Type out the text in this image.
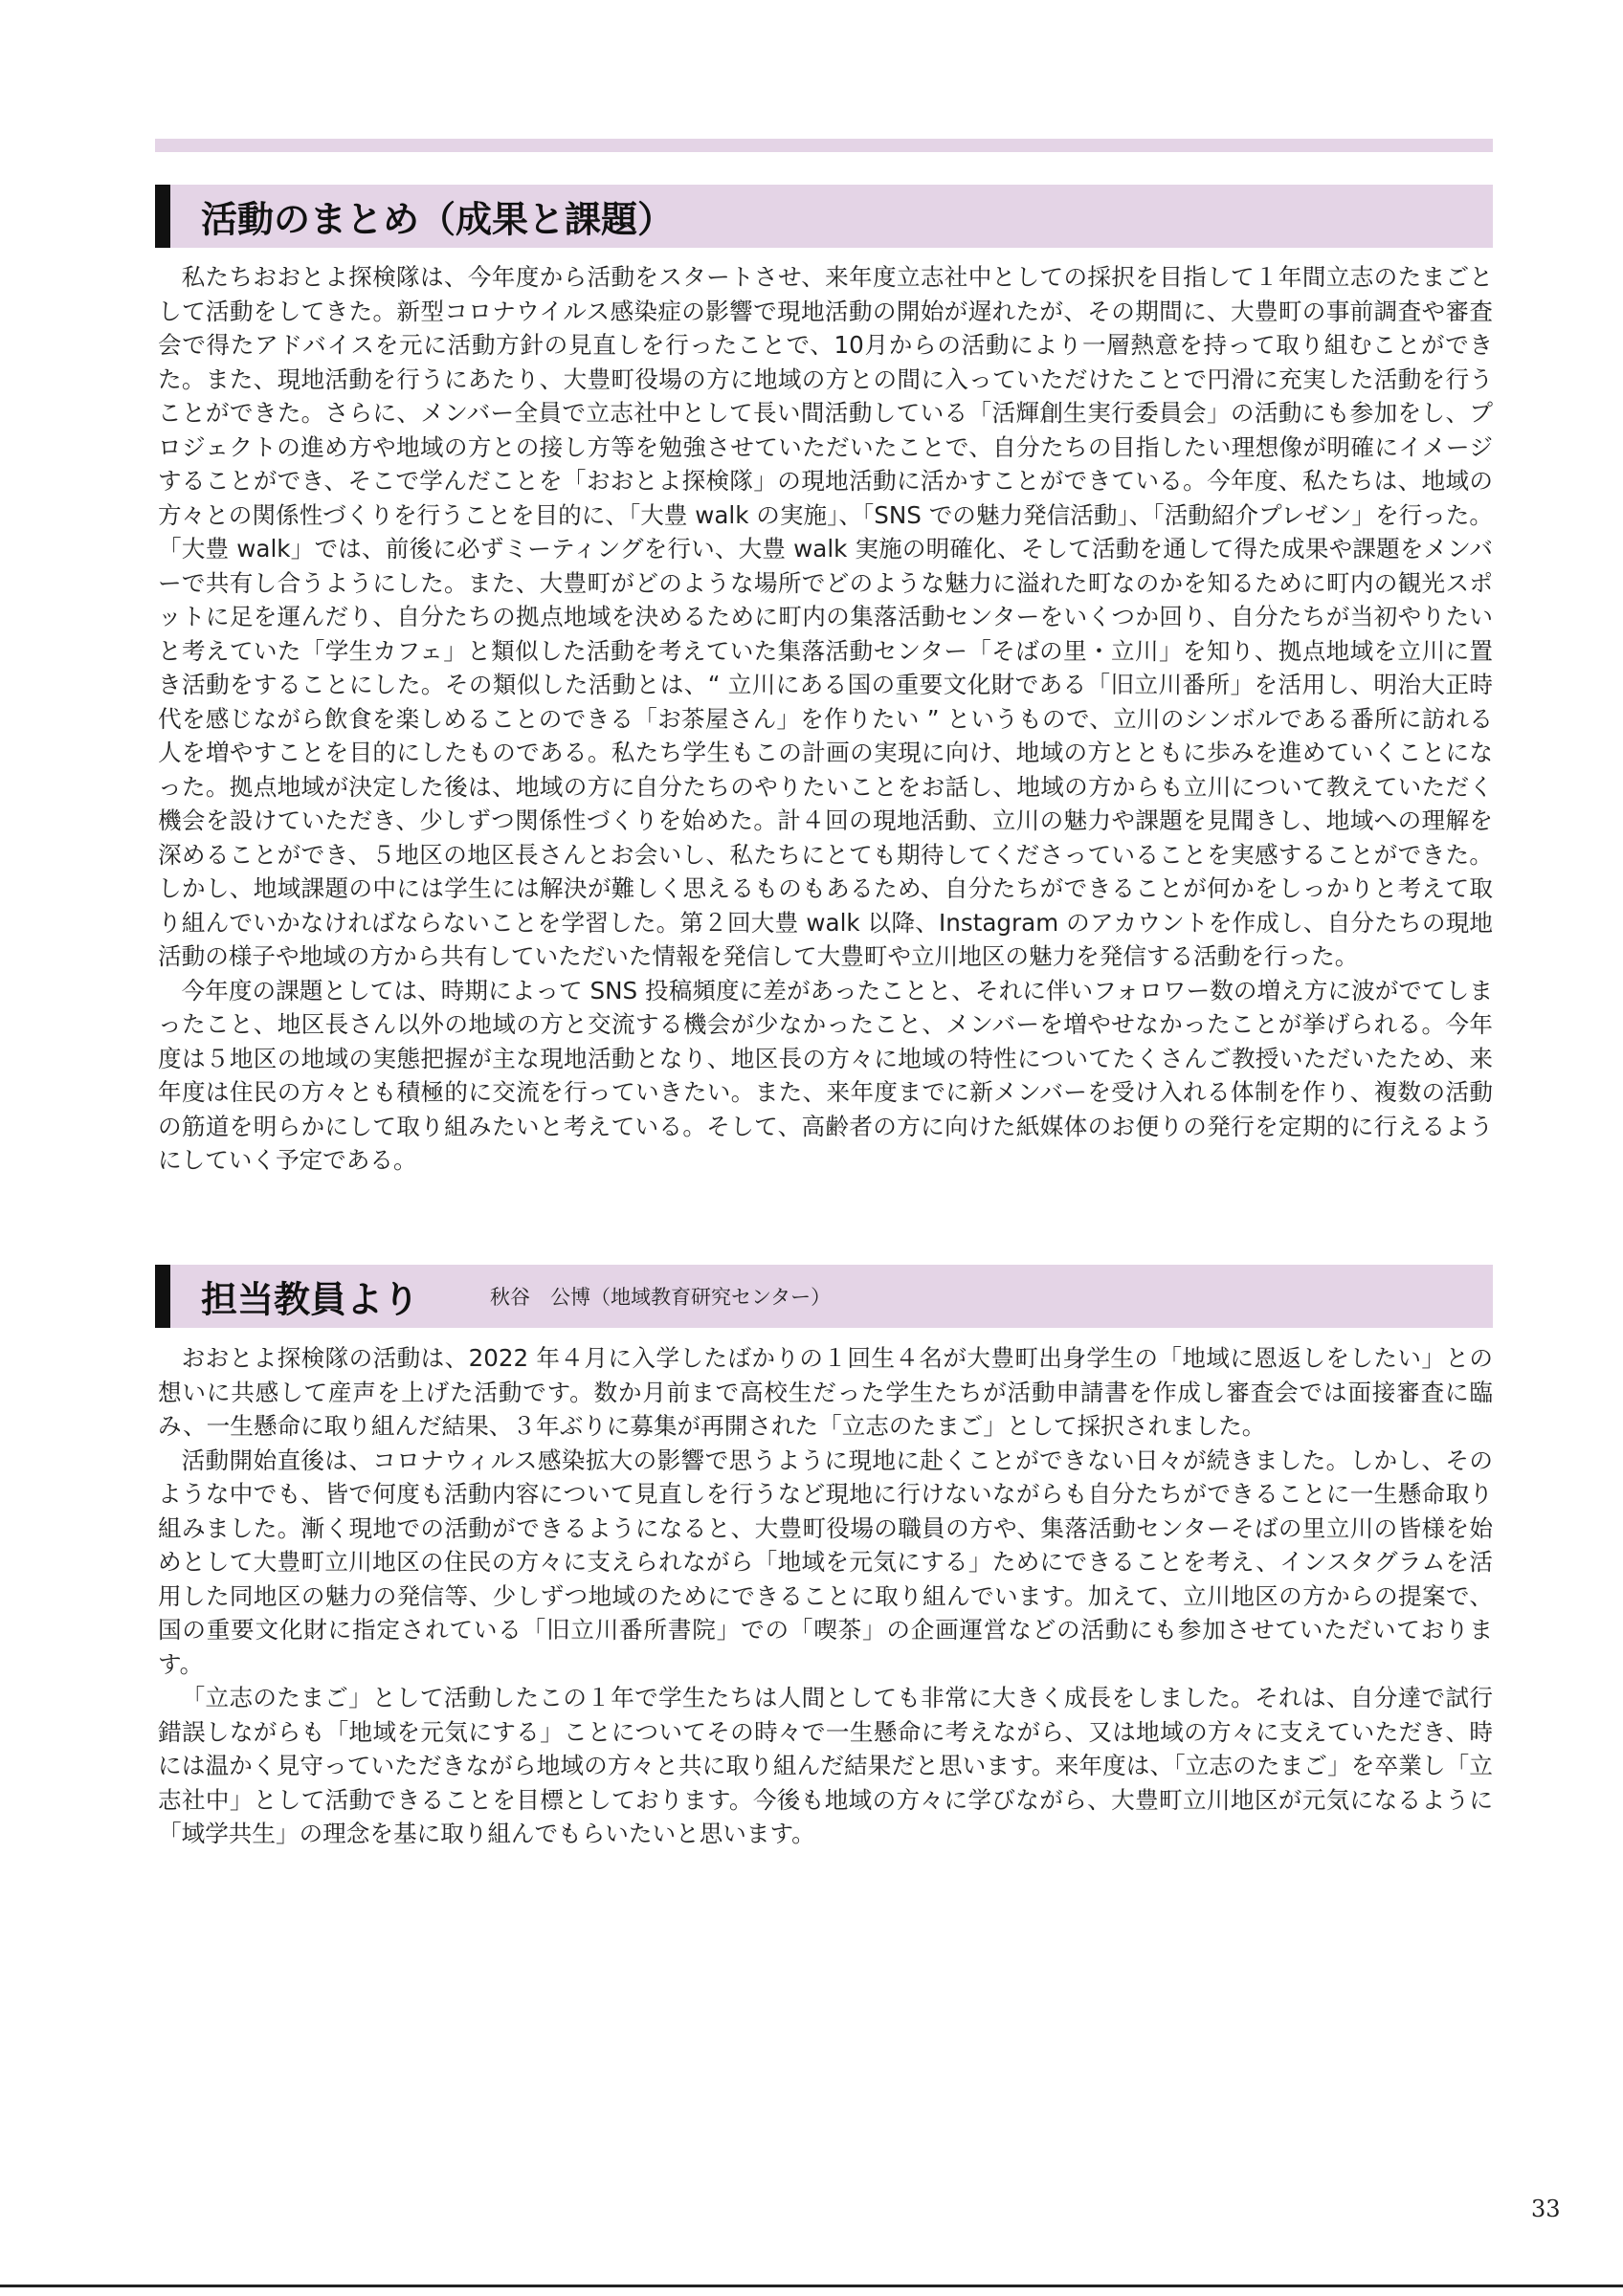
活動のまとめ（成果と課題）

私たちおおとよ探検隊は、今年度から活動をスタートさせ、来年度立志社中としての採択を目指して１年間立志のたまごとして活動をしてきた。新型コロナウイルス感染症の影響で現地活動の開始が遅れたが、その期間に、大豊町の事前調査や審査会で得たアドバイスを元に活動方針の見直しを行ったことで、10月からの活動により一層熱意を持って取り組むことができた。また、現地活動を行うにあたり、大豊町役場の方に地域の方との間に入っていただけたことで円滑に充実した活動を行うことができた。さらに、メンバー全員で立志社中として長い間活動している「活輝創生実行委員会」の活動にも参加をし、プロジェクトの進め方や地域の方との接し方等を勉強させていただいたことで、自分たちの目指したい理想像が明確にイメージすることができ、そこで学んだことを「おおとよ探検隊」の現地活動に活かすことができている。今年度、私たちは、地域の方々との関係性づくりを行うことを目的に、「大豊 walk の実施」、「SNS での魅力発信活動」、「活動紹介プレゼン」を行った。「大豊 walk」では、前後に必ずミーティングを行い、大豊 walk 実施の明確化、そして活動を通して得た成果や課題をメンバーで共有し合うようにした。また、大豊町がどのような場所でどのような魅力に溢れた町なのかを知るために町内の観光スポットに足を運んだり、自分たちの拠点地域を決めるために町内の集落活動センターをいくつか回り、自分たちが当初やりたいと考えていた「学生カフェ」と類似した活動を考えていた集落活動センター「そばの里・立川」を知り、拠点地域を立川に置き活動をすることにした。その類似した活動とは、“ 立川にある国の重要文化財である「旧立川番所」を活用し、明治大正時代を感じながら飲食を楽しめることのできる「お茶屋さん」を作りたい ” というもので、立川のシンボルである番所に訪れる人を増やすことを目的にしたものである。私たち学生もこの計画の実現に向け、地域の方とともに歩みを進めていくことになった。拠点地域が決定した後は、地域の方に自分たちのやりたいことをお話し、地域の方からも立川について教えていただく機会を設けていただき、少しずつ関係性づくりを始めた。計４回の現地活動、立川の魅力や課題を見聞きし、地域への理解を深めることができ、５地区の地区長さんとお会いし、私たちにとても期待してくださっていることを実感することができた。しかし、地域課題の中には学生には解決が難しく思えるものもあるため、自分たちができることが何かをしっかりと考えて取り組んでいかなければならないことを学習した。第２回大豊 walk 以降、Instagram のアカウントを作成し、自分たちの現地活動の様子や地域の方から共有していただいた情報を発信して大豊町や立川地区の魅力を発信する活動を行った。

今年度の課題としては、時期によって SNS 投稿頻度に差があったことと、それに伴いフォロワー数の増え方に波がでてしまったこと、地区長さん以外の地域の方と交流する機会が少なかったこと、メンバーを増やせなかったことが挙げられる。今年度は５地区の地域の実態把握が主な現地活動となり、地区長の方々に地域の特性についてたくさんご教授いただいたため、来年度は住民の方々とも積極的に交流を行っていきたい。また、来年度までに新メンバーを受け入れる体制を作り、複数の活動の筋道を明らかにして取り組みたいと考えている。そして、高齢者の方に向けた紙媒体のお便りの発行を定期的に行えるようにしていく予定である。

担当教員より	秋谷　公博（地域教育研究センター）

おおとよ探検隊の活動は、2022 年４月に入学したばかりの１回生４名が大豊町出身学生の「地域に恩返しをしたい」との想いに共感して産声を上げた活動です。数か月前まで高校生だった学生たちが活動申請書を作成し審査会では面接審査に臨み、一生懸命に取り組んだ結果、３年ぶりに募集が再開された「立志のたまご」として採択されました。

活動開始直後は、コロナウィルス感染拡大の影響で思うように現地に赴くことができない日々が続きました。しかし、そのような中でも、皆で何度も活動内容について見直しを行うなど現地に行けないながらも自分たちができることに一生懸命取り組みました。漸く現地での活動ができるようになると、大豊町役場の職員の方や、集落活動センターそばの里立川の皆様を始めとして大豊町立川地区の住民の方々に支えられながら「地域を元気にする」ためにできることを考え、インスタグラムを活用した同地区の魅力の発信等、少しずつ地域のためにできることに取り組んでいます。加えて、立川地区の方からの提案で、国の重要文化財に指定されている「旧立川番所書院」での「喫茶」の企画運営などの活動にも参加させていただいております。

「立志のたまご」として活動したこの１年で学生たちは人間としても非常に大きく成長をしました。それは、自分達で試行錯誤しながらも「地域を元気にする」ことについてその時々で一生懸命に考えながら、又は地域の方々に支えていただき、時には温かく見守っていただきながら地域の方々と共に取り組んだ結果だと思います。来年度は、「立志のたまご」を卒業し「立志社中」として活動できることを目標としております。今後も地域の方々に学びながら、大豊町立川地区が元気になるように「域学共生」の理念を基に取り組んでもらいたいと思います。

33
